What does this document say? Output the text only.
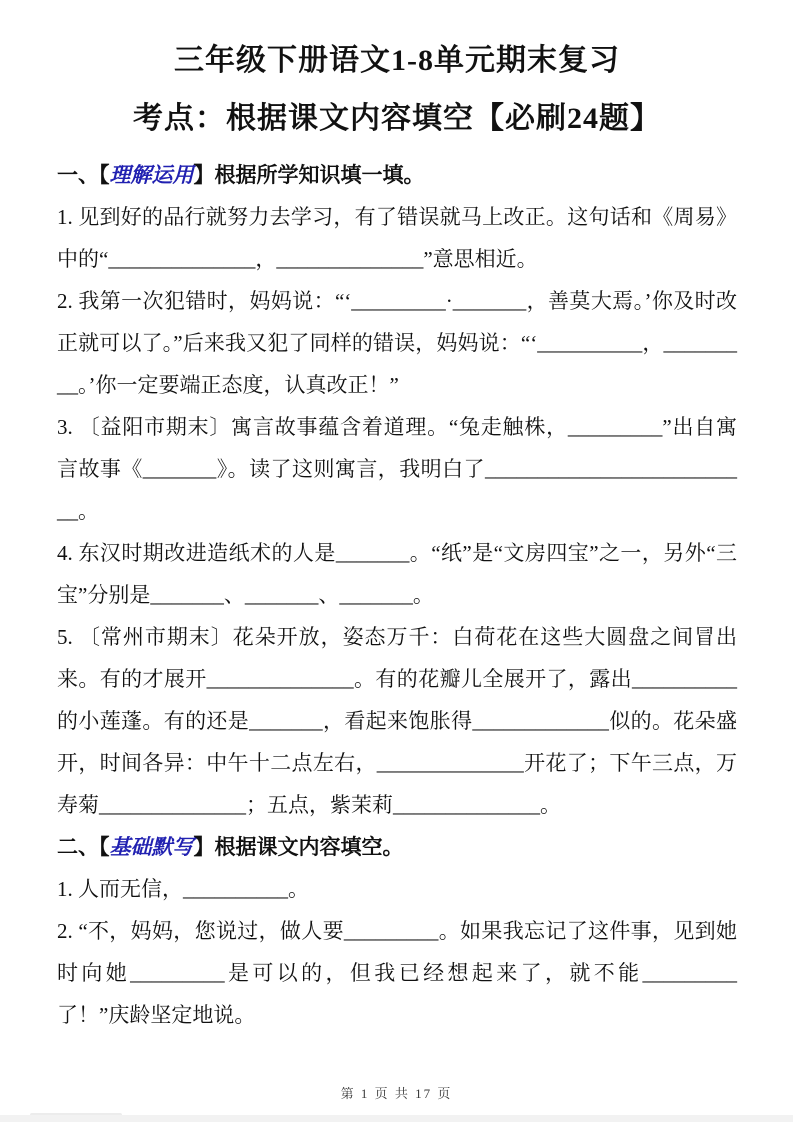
三年级下册语文1-8单元期末复习
考点：根据课文内容填空【必刷24题】

一、【理解运用】根据所学知识填一填。

1. 见到好的品行就努力去学习，有了错误就马上改正。这句话和《周易》中的“______________，______________”意思相近。

2. 我第一次犯错时，妈妈说：“‘_________·_______，善莫大焉。’你及时改正就可以了。”后来我又犯了同样的错误，妈妈说：“‘__________，_________。’你一定要端正态度，认真改正！”

3. 〔益阳市期末〕寓言故事蕴含着道理。“兔走触株，_________”出自寓言故事《_______》。读了这则寓言，我明白了__________________________。

4. 东汉时期改进造纸术的人是_______。“纸”是“文房四宝”之一，另外“三宝”分别是_______、_______、_______。

5. 〔常州市期末〕花朵开放，姿态万千：白荷花在这些大圆盘之间冒出来。有的才展开______________。有的花瓣儿全展开了，露出__________的小莲蓬。有的还是_______，看起来饱胀得_____________似的。花朵盛开，时间各异：中午十二点左右，______________开花了；下午三点，万寿菊______________；五点，紫茉莉______________。

二、【基础默写】根据课文内容填空。

1. 人而无信，__________。

2. “不，妈妈，您说过，做人要_________。如果我忘记了这件事，见到她时向她_________是可以的，但我已经想起来了，就不能_________了！”庆龄坚定地说。

第 1 页 共 17 页
